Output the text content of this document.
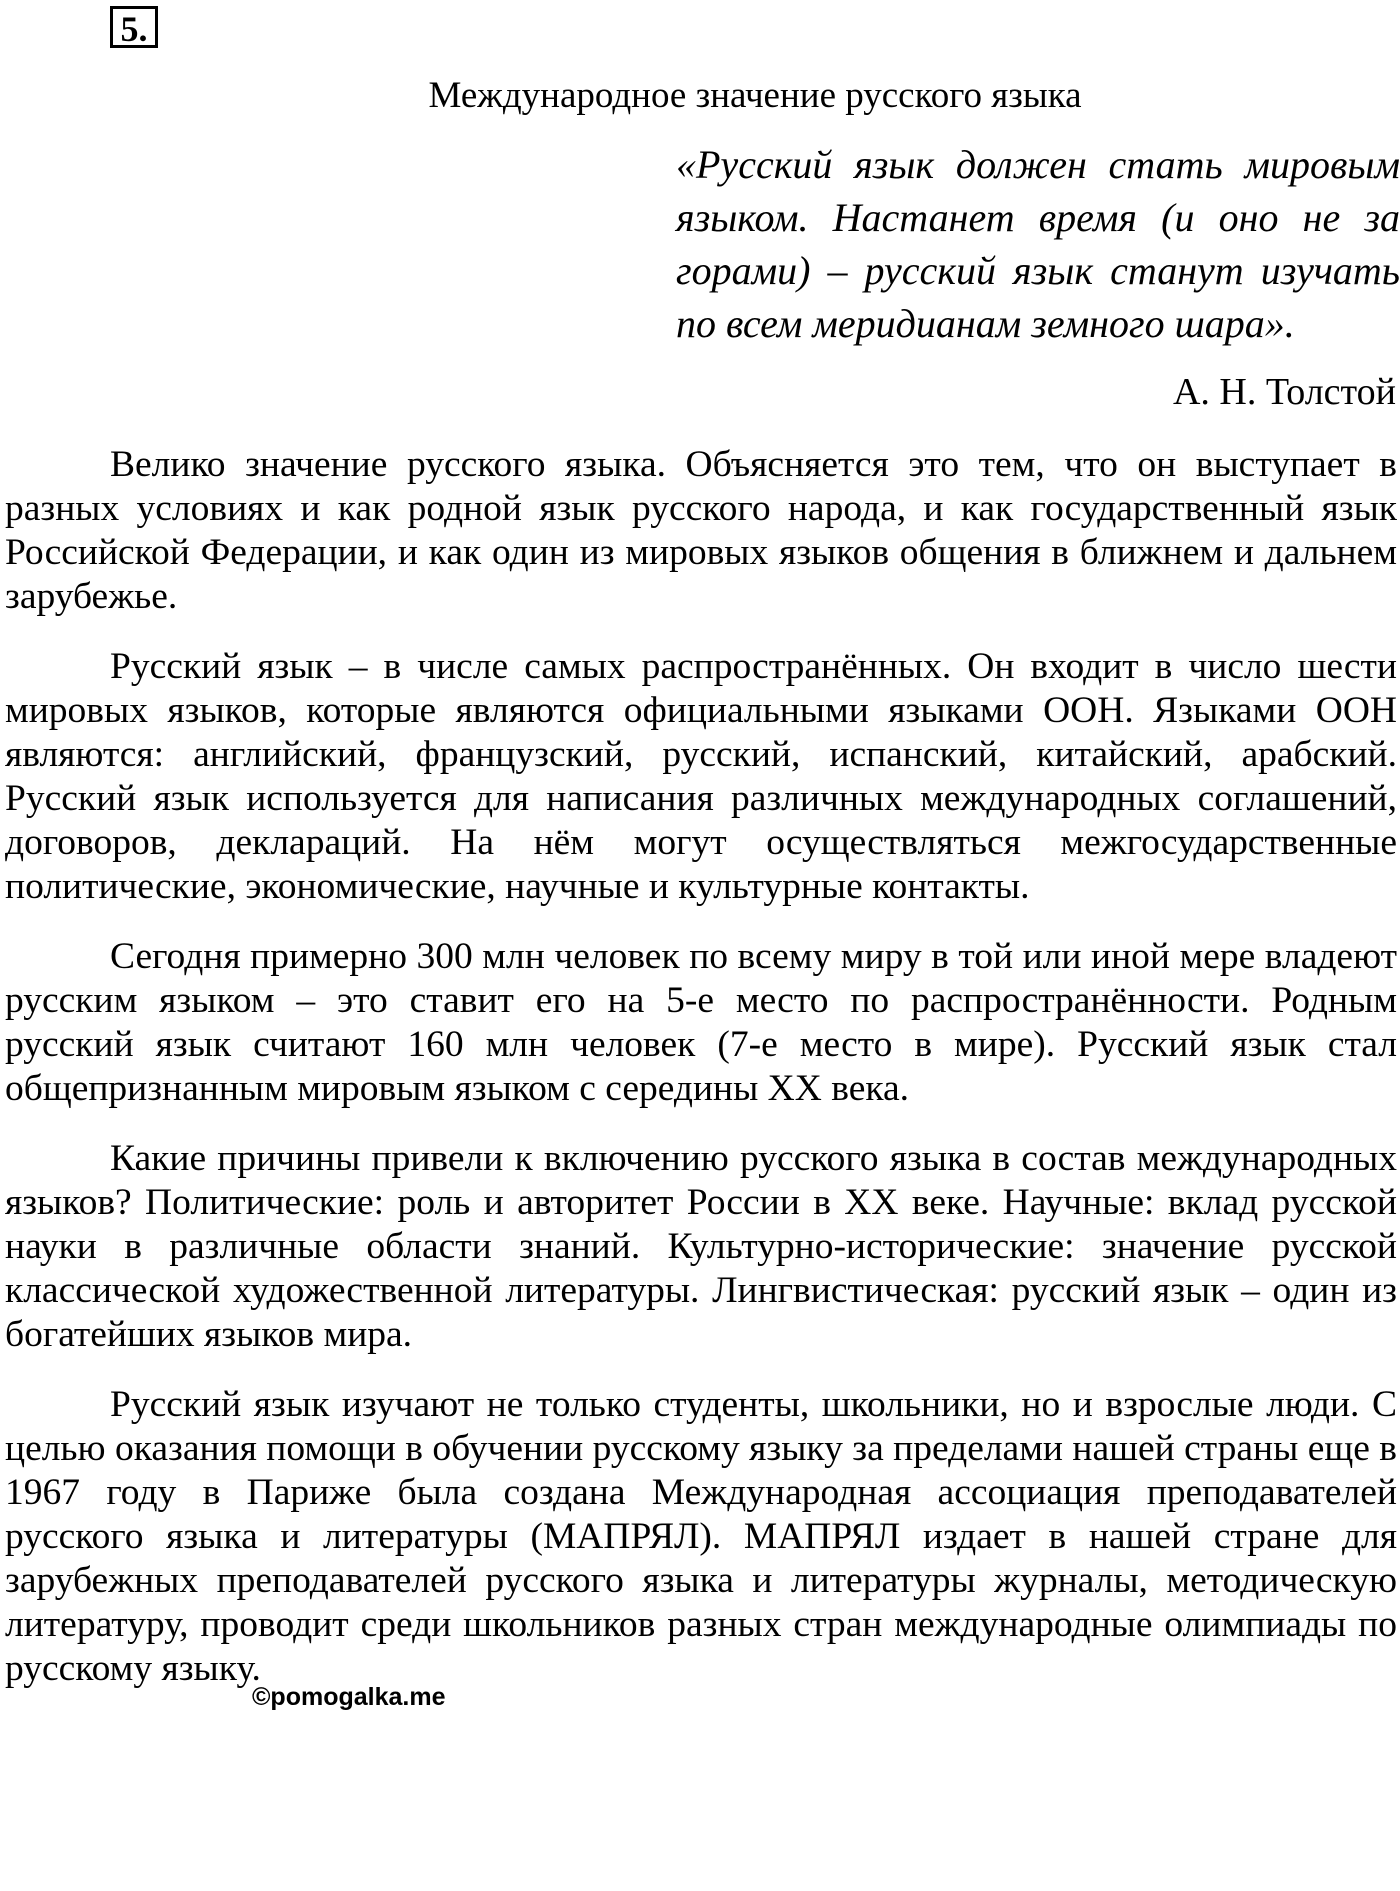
5.
Международное значение русского языка
«Русский язык должен стать мировым языком. Настанет время (и оно не за горами) – русский язык станут изучать по всем меридианам земного шара».
А. Н. Толстой

Велико значение русского языка. Объясняется это тем, что он выступает в разных условиях и как родной язык русского народа, и как государственный язык Российской Федерации, и как один из мировых языков общения в ближнем и дальнем зарубежье.

Русский язык – в числе самых распространённых. Он входит в число шести мировых языков, которые являются официальными языками ООН. Языками ООН являются: английский, французский, русский, испанский, китайский, арабский. Русский язык используется для написания различных международных соглашений, договоров, деклараций. На нём могут осуществляться межгосударственные политические, экономические, научные и культурные контакты.

Сегодня примерно 300 млн человек по всему миру в той или иной мере владеют русским языком – это ставит его на 5-е место по распространённости. Родным русский язык считают 160 млн человек (7-е место в мире). Русский язык стал общепризнанным мировым языком с середины XX века.

Какие причины привели к включению русского языка в состав международных языков? Политические: роль и авторитет России в XX веке. Научные: вклад русской науки в различные области знаний. Культурно-исторические: значение русской классической художественной литературы. Лингвистическая: русский язык – один из богатейших языков мира.

Русский язык изучают не только студенты, школьники, но и взрослые люди. С целью оказания помощи в обучении русскому языку за пределами нашей страны еще в 1967 году в Париже была создана Международная ассоциация преподавателей русского языка и литературы (МАПРЯЛ). МАПРЯЛ издает в нашей стране для зарубежных преподавателей русского языка и литературы журналы, методическую литературу, проводит среди школьников разных стран международные олимпиады по русскому языку.

©pomogalka.me
